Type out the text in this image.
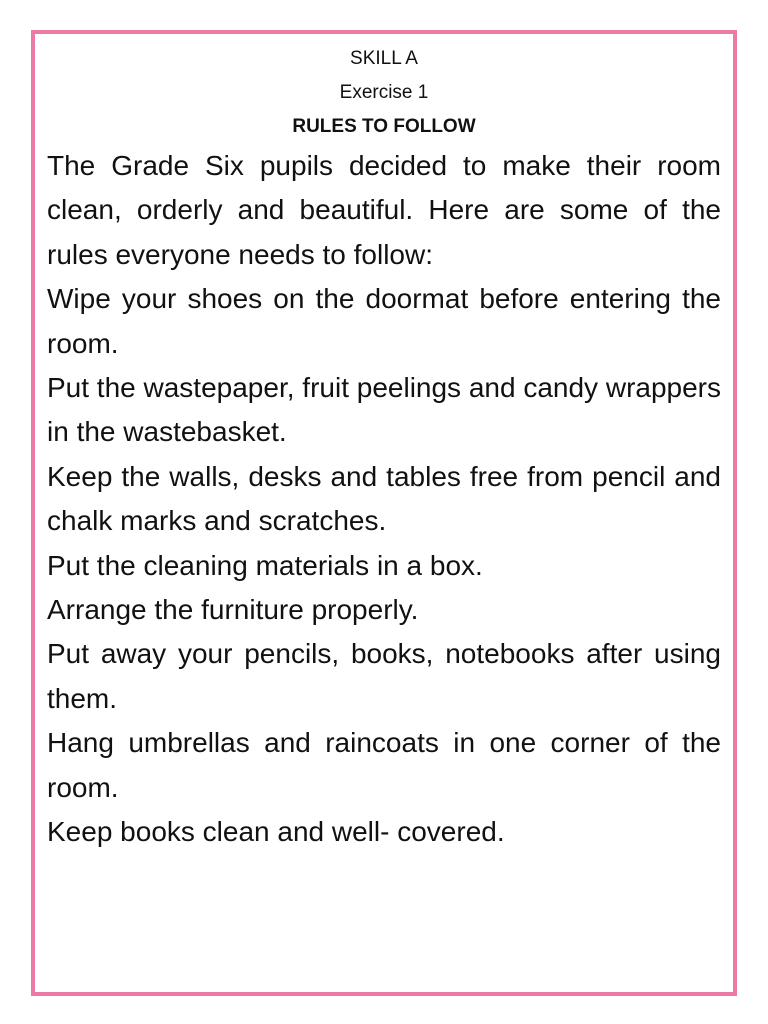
SKILL A

Exercise 1

RULES TO FOLLOW

The Grade Six pupils decided to make their room clean, orderly and beautiful. Here are some of the rules everyone needs to follow:

Wipe your shoes on the doormat before entering the room.

Put the wastepaper, fruit peelings and candy wrappers in the wastebasket.

Keep the walls, desks and tables free from pencil and chalk marks and scratches.

Put the cleaning materials in a box.

Arrange the furniture properly.

Put away your pencils, books, notebooks after using them.

Hang umbrellas and raincoats in one corner of the room.

Keep books clean and well- covered.
